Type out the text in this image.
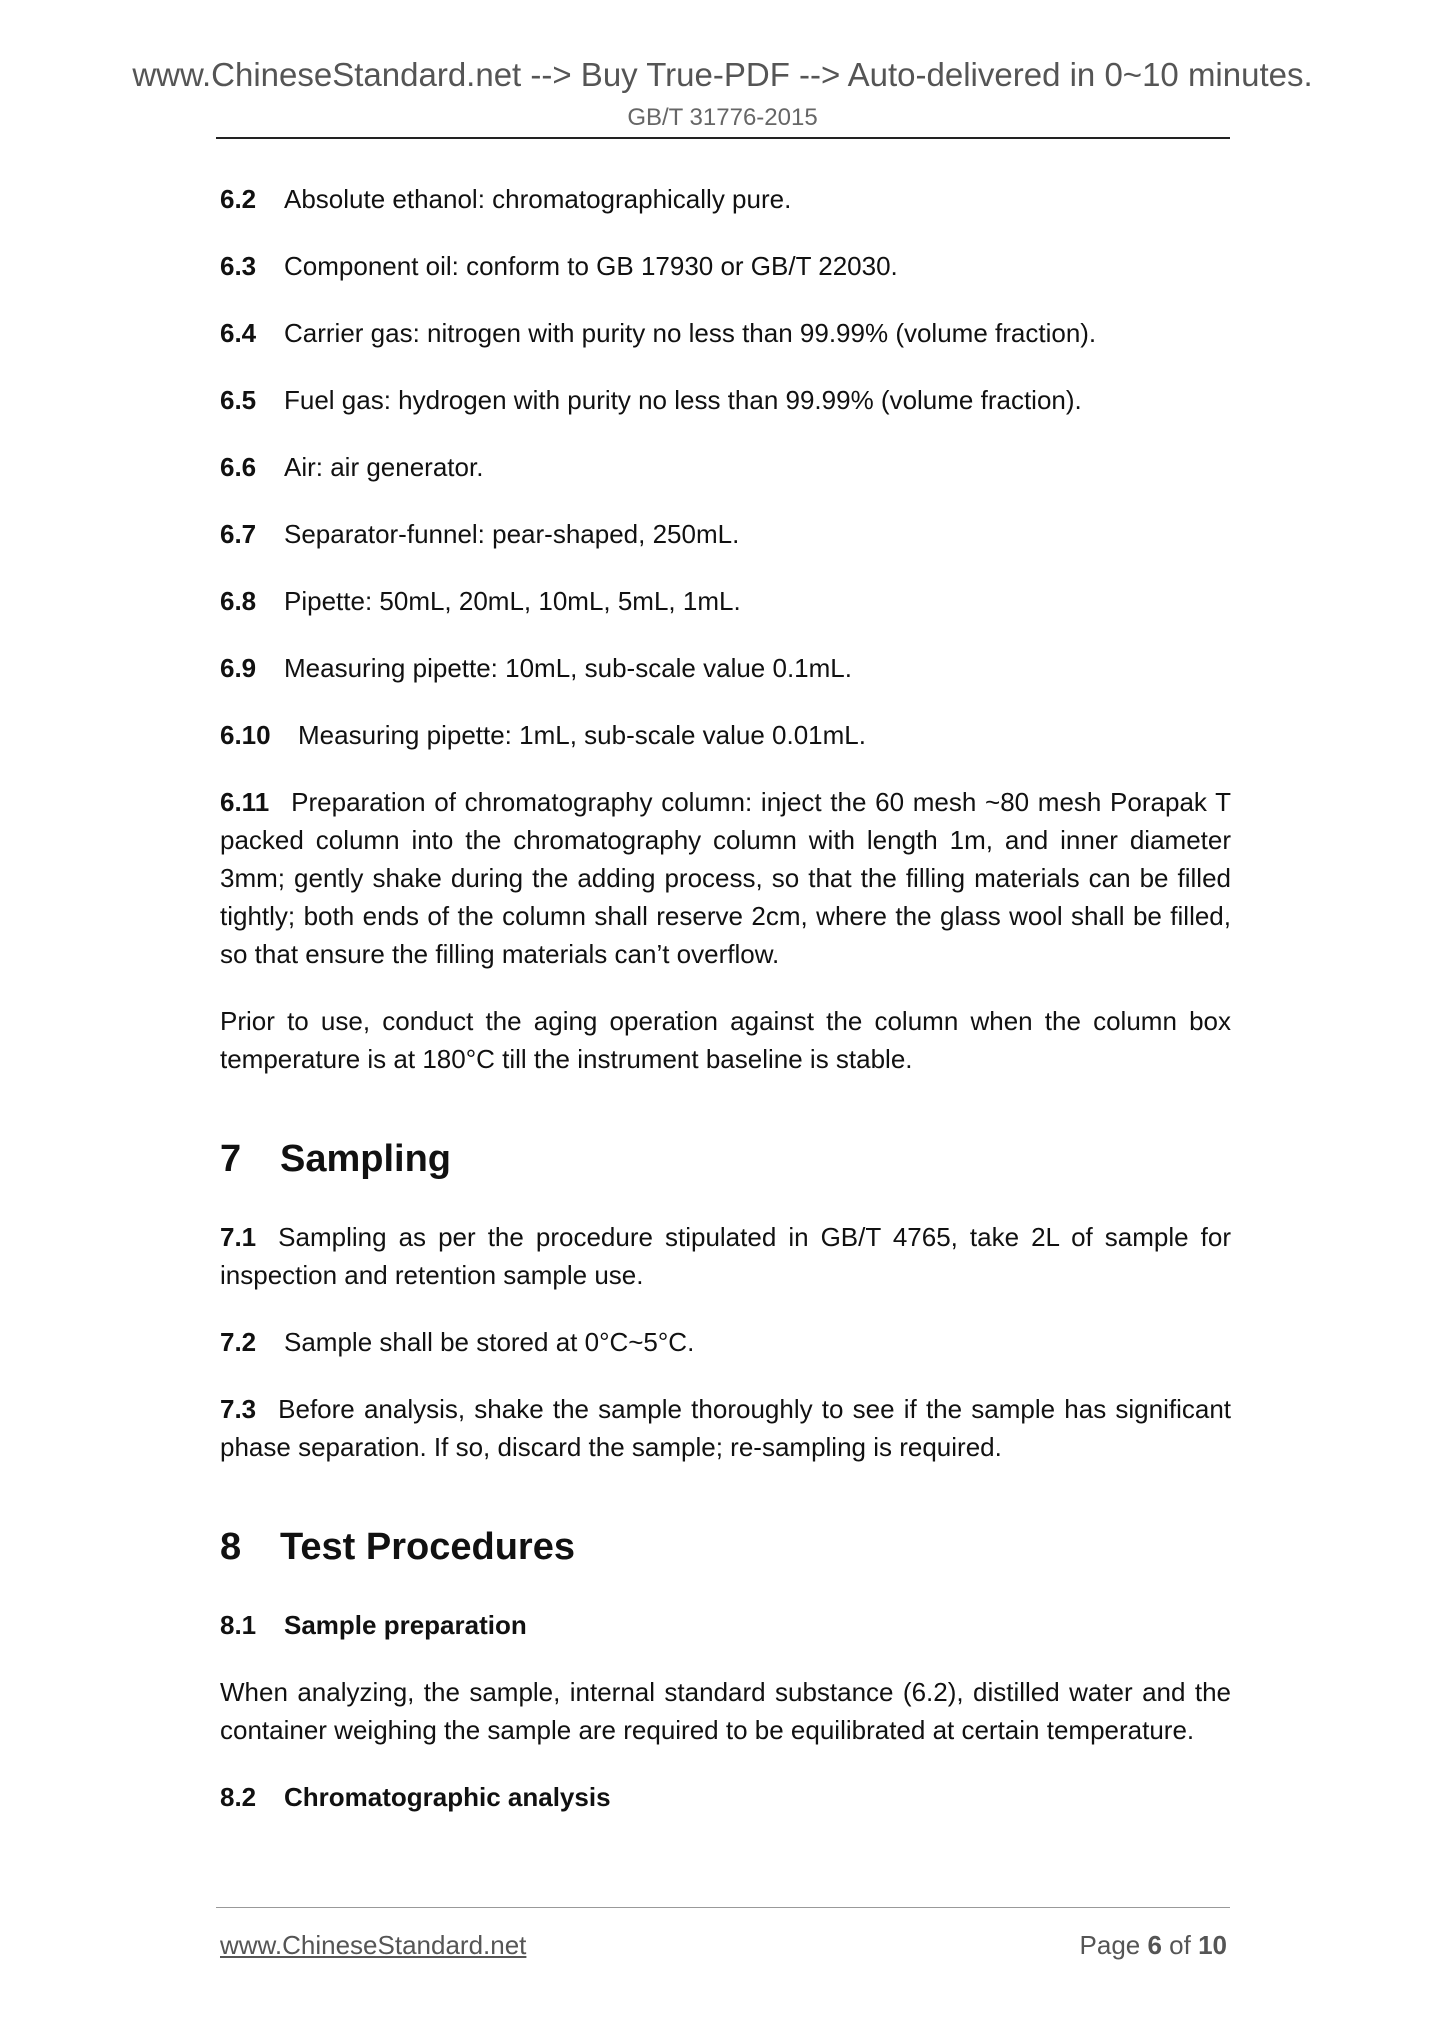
www.ChineseStandard.net --> Buy True-PDF --> Auto-delivered in 0~10 minutes.
GB/T 31776-2015
6.2 Absolute ethanol: chromatographically pure.
6.3 Component oil: conform to GB 17930 or GB/T 22030.
6.4 Carrier gas: nitrogen with purity no less than 99.99% (volume fraction).
6.5 Fuel gas: hydrogen with purity no less than 99.99% (volume fraction).
6.6 Air: air generator.
6.7 Separator-funnel: pear-shaped, 250mL.
6.8 Pipette: 50mL, 20mL, 10mL, 5mL, 1mL.
6.9 Measuring pipette: 10mL, sub-scale value 0.1mL.
6.10 Measuring pipette: 1mL, sub-scale value 0.01mL.
6.11 Preparation of chromatography column: inject the 60 mesh ~80 mesh Porapak T packed column into the chromatography column with length 1m, and inner diameter 3mm; gently shake during the adding process, so that the filling materials can be filled tightly; both ends of the column shall reserve 2cm, where the glass wool shall be filled, so that ensure the filling materials can’t overflow.
Prior to use, conduct the aging operation against the column when the column box temperature is at 180°C till the instrument baseline is stable.
7 Sampling
7.1 Sampling as per the procedure stipulated in GB/T 4765, take 2L of sample for inspection and retention sample use.
7.2 Sample shall be stored at 0°C~5°C.
7.3 Before analysis, shake the sample thoroughly to see if the sample has significant phase separation. If so, discard the sample; re-sampling is required.
8 Test Procedures
8.1 Sample preparation
When analyzing, the sample, internal standard substance (6.2), distilled water and the container weighing the sample are required to be equilibrated at certain temperature.
8.2 Chromatographic analysis
www.ChineseStandard.net	Page 6 of 10
